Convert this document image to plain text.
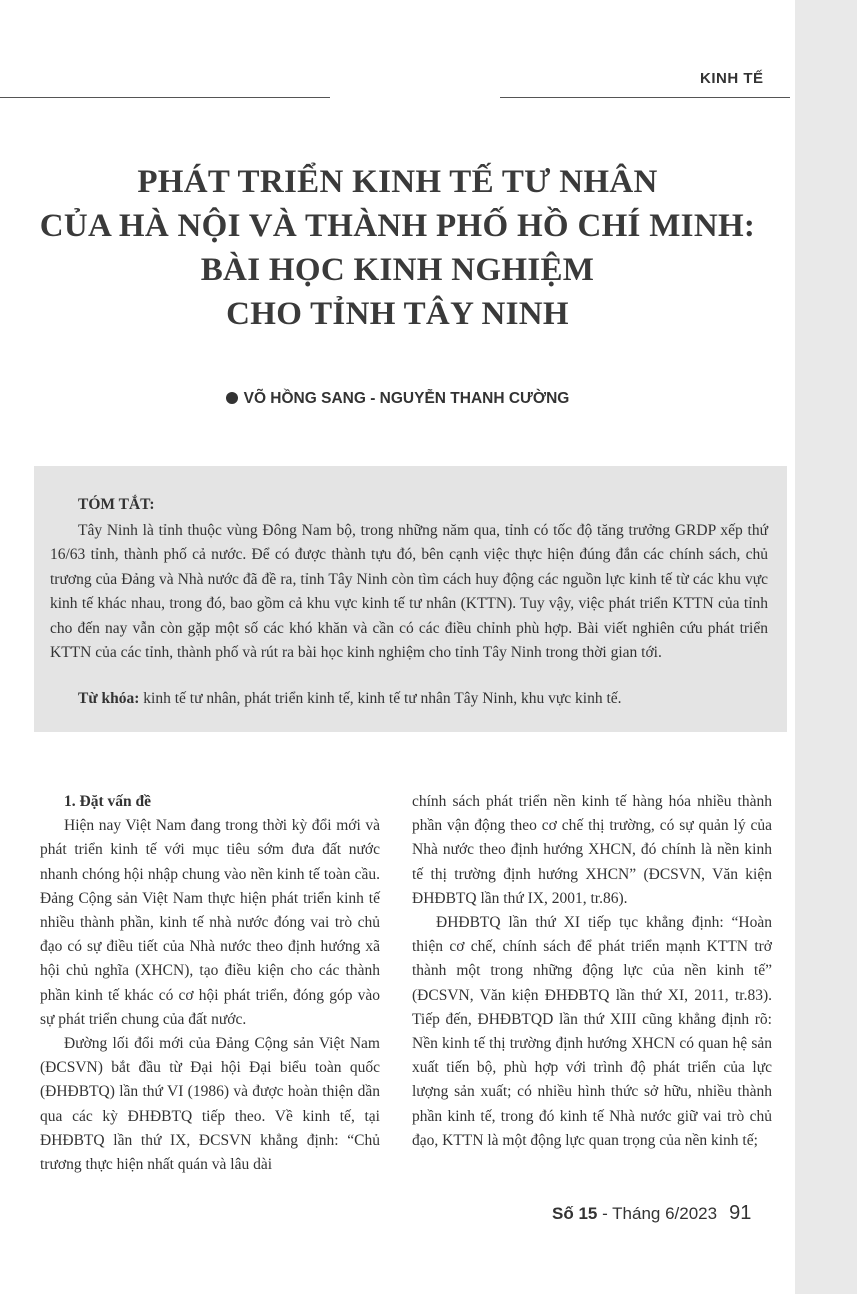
KINH TẾ
PHÁT TRIỂN KINH TẾ TƯ NHÂN
CỦA HÀ NỘI VÀ THÀNH PHỐ HỒ CHÍ MINH:
BÀI HỌC KINH NGHIỆM
CHO TỈNH TÂY NINH
VÕ HỒNG SANG - NGUYỄN THANH CƯỜNG
TÓM TẮT:
Tây Ninh là tỉnh thuộc vùng Đông Nam bộ, trong những năm qua, tỉnh có tốc độ tăng trưởng GRDP xếp thứ 16/63 tỉnh, thành phố cả nước. Để có được thành tựu đó, bên cạnh việc thực hiện đúng đắn các chính sách, chủ trương của Đảng và Nhà nước đã đề ra, tỉnh Tây Ninh còn tìm cách huy động các nguồn lực kinh tế từ các khu vực kinh tế khác nhau, trong đó, bao gồm cả khu vực kinh tế tư nhân (KTTN). Tuy vậy, việc phát triển KTTN của tỉnh cho đến nay vẫn còn gặp một số các khó khăn và cần có các điều chỉnh phù hợp. Bài viết nghiên cứu phát triển KTTN của các tỉnh, thành phố và rút ra bài học kinh nghiệm cho tỉnh Tây Ninh trong thời gian tới.
Từ khóa: kinh tế tư nhân, phát triển kinh tế, kinh tế tư nhân Tây Ninh, khu vực kinh tế.

1. Đặt vấn đề

Hiện nay Việt Nam đang trong thời kỳ đổi mới và phát triển kinh tế với mục tiêu sớm đưa đất nước nhanh chóng hội nhập chung vào nền kinh tế toàn cầu. Đảng Cộng sản Việt Nam thực hiện phát triển kinh tế nhiều thành phần, kinh tế nhà nước đóng vai trò chủ đạo có sự điều tiết của Nhà nước theo định hướng xã hội chủ nghĩa (XHCN), tạo điều kiện cho các thành phần kinh tế khác có cơ hội phát triển, đóng góp vào sự phát triển chung của đất nước.

Đường lối đổi mới của Đảng Cộng sản Việt Nam (ĐCSVN) bắt đầu từ Đại hội Đại biểu toàn quốc (ĐHĐBTQ) lần thứ VI (1986) và được hoàn thiện dần qua các kỳ ĐHĐBTQ tiếp theo. Về kinh tế, tại ĐHĐBTQ lần thứ IX, ĐCSVN khẳng định: “Chủ trương thực hiện nhất quán và lâu dài

chính sách phát triển nền kinh tế hàng hóa nhiều thành phần vận động theo cơ chế thị trường, có sự quản lý của Nhà nước theo định hướng XHCN, đó chính là nền kinh tế thị trường định hướng XHCN” (ĐCSVN, Văn kiện ĐHĐBTQ lần thứ IX, 2001, tr.86).

ĐHĐBTQ lần thứ XI tiếp tục khẳng định: “Hoàn thiện cơ chế, chính sách để phát triển mạnh KTTN trở thành một trong những động lực của nền kinh tế” (ĐCSVN, Văn kiện ĐHĐBTQ lần thứ XI, 2011, tr.83). Tiếp đến, ĐHĐBTQD lần thứ XIII cũng khẳng định rõ: Nền kinh tế thị trường định hướng XHCN có quan hệ sản xuất tiến bộ, phù hợp với trình độ phát triển của lực lượng sản xuất; có nhiều hình thức sở hữu, nhiều thành phần kinh tế, trong đó kinh tế Nhà nước giữ vai trò chủ đạo, KTTN là một động lực quan trọng của nền kinh tế;

Số 15 - Tháng 6/2023 91
